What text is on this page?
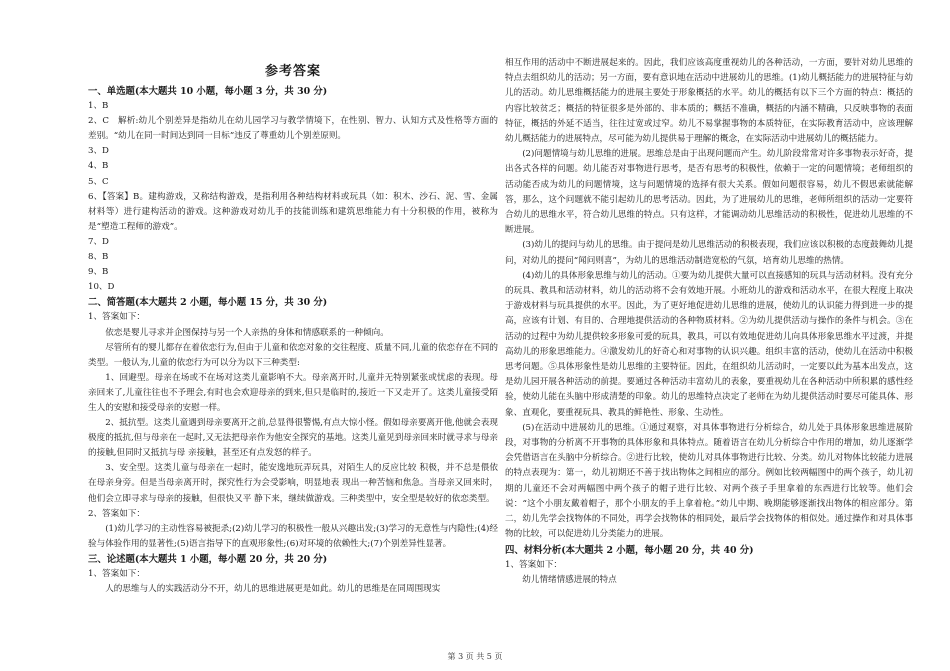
参考答案

一、单选题(本大题共 10 小题，每小题 3 分，共 30 分)

1、B

2、C　解析:幼儿个别差异是指幼儿在幼儿园学习与教学情境下，在性别、智力、认知方式及性格等方面的差别。“幼儿在同一时间达到同一目标”违反了尊重幼儿个别差原则。

3、D

4、B

5、C

6、【答案】B。建构游戏，又称结构游戏，是指利用各种结构材料或玩具（如：积木、沙石、泥、雪、金属材料等）进行建构活动的游戏。这种游戏对幼儿手的技能训练和建筑思维能力有十分积极的作用，被称为是“塑造工程师的游戏”。

7、D

8、B

9、B

10、D

二、简答题(本大题共 2 小题，每小题 15 分，共 30 分)

1、答案如下：

依恋是婴儿寻求并企图保持与另一个人亲热的身体和情感联系的一种倾向。

尽管所有的婴儿都存在着依恋行为,但由于儿童和依恋对象的交往程度、质量不同,儿童的依恋存在不同的类型。一般认为,儿童的依恋行为可以分为以下三种类型:

1、回避型。母亲在场或不在场对这类儿童影响不大。母亲离开时,儿童并无特别紧张或忧虑的表现。母亲回来了,儿童往往也不予理会,有时也会欢迎母亲的到来,但只是临时的,接近一下又走开了。这类儿童接受陌生人的安慰和接受母亲的安慰一样。

2、抵抗型。这类儿童遇到母亲要离开之前,总显得很警惕,有点大惊小怪。假如母亲要离开他,他就会表现极度的抵抗,但与母亲在一起时,又无法把母亲作为他安全探究的基地。这类儿童见到母亲回来时就寻求与母亲的接触,但同时又抵抗与母 亲接触，甚至还有点发怒的样子。

3、安全型。这类儿童与母亲在一起时，能安逸地玩弄玩具，对陌生人的反应比较 积极，并不总是偎依在母亲身旁。但是当母亲离开时，探究性行为会受影响，明显地表 现出一种苦恼和焦急。当母亲又回来时，他们会立即寻求与母亲的接触，但很快又平 静下来，继续做游戏。三种类型中，安全型是较好的依恋类型。

2、答案如下：

(1)幼儿学习的主动性容易被扼杀;(2)幼儿学习的积极性一般从兴趣出发;(3)学习的无意性与内隐性;(4)经验与体验作用的显著性;(5)语言指导下的直观形象性;(6)对环境的依赖性大;(7)个别差异性显著。

三、论述题(本大题共 1 小题，每小题 20 分，共 20 分)

1、答案如下：

人的思维与人的实践活动分不开，幼儿的思维进展更是如此。幼儿的思维是在同周围现实

相互作用的活动中不断进展起来的。因此，我们应该高度重视幼儿的各种活动，一方面，要针对幼儿思维的特点去组织幼儿的活动；另一方面，要有意识地在活动中进展幼儿的思维。(1)幼儿概括能力的进展特征与幼儿的活动。幼儿思维概括能力的进展主要处于形象概括的水平。幼儿的概括有以下三个方面的特点：概括的内容比较贫乏；概括的特征很多是外部的、非本质的；概括不准确，概括的内涵不精确，只反映事物的表面特征，概括的外延不适当，往往过宽或过窄。幼儿不易掌握事物的本质特征，在实际教育活动中，应该理解幼儿概括能力的进展特点，尽可能为幼儿提供易于理解的概念，在实际活动中进展幼儿的概括能力。

(2)问题情境与幼儿思维的进展。思维总是由于出现问题而产生。幼儿阶段常常对许多事物表示好奇，提出各式各样的问题。幼儿能否对事物进行思考，是否有思考的积极性，依赖于一定的问题情境；老师组织的活动能否成为幼儿的问题情境，这与问题情境的选择有很大关系。假如问题很容易，幼儿不假思索就能解答，那么，这个问题就不能引起幼儿的思考活动。因此，为了进展幼儿的思维，老师所组织的活动一定要符合幼儿的思维水平，符合幼儿思维的特点。只有这样，才能调动幼儿思维活动的积极性，促进幼儿思维的不断进展。

(3)幼儿的提问与幼儿的思维。由于提问是幼儿思维活动的积极表现，我们应该以积极的态度鼓舞幼儿提问，对幼儿的提问“闻问则喜”，为幼儿的思维活动制造宽松的气氛，培育幼儿思维的热情。

(4)幼儿的具体形象思维与幼儿的活动。①要为幼儿提供大量可以直接感知的玩具与活动材料。没有充分的玩具、教具和活动材料，幼儿的活动将不会有效地开展。小班幼儿的游戏和活动水平，在很大程度上取决于游戏材料与玩具提供的水平。因此，为了更好地促进幼儿思维的进展，使幼儿的认识能力得到进一步的提高，应该有计划、有目的、合理地提供活动的各种物质材料。②为幼儿提供活动与操作的条件与机会。③在活动的过程中为幼儿提供较多形象可爱的玩具，教具，可以有效地促进幼儿向具体形象思维水平过渡，并提高幼儿的形象思维能力。④激发幼儿的好奇心和对事物的认识兴趣。组织丰富的活动，使幼儿在活动中积极思考问题。⑤具体形象性是幼儿思维的主要特征。因此，在组织幼儿活动时，一定要以此为基本出发点，这是幼儿园开展各种活动的前提。要通过各种活动丰富幼儿的表象，要重视幼儿在各种活动中所积累的感性经验，使幼儿能在头脑中形成清楚的印象。幼儿的思维特点决定了老师在为幼儿提供活动时要尽可能具体、形象、直观化，要重视玩具、教具的鲜艳性、形象、生动性。

(5)在活动中进展幼儿的思维。①通过观察，对具体事物进行分析综合，幼儿处于具体形象思维进展阶段，对事物的分析离不开事物的具体形象和具体特点。随着语言在幼儿分析综合中作用的增加，幼儿逐渐学会凭借语言在头脑中分析综合。②进行比较，使幼儿对具体事物进行比较、分类。幼儿对物体比较能力进展的特点表现为：第一，幼儿初期还不善于找出物体之间相应的部分。例如比较两幅图中的两个孩子，幼儿初期的儿童还不会对两幅图中两个孩子的帽子进行比较、对两个孩子手里拿着的东西进行比较等。他们会说：“这个小朋友戴着帽子，那个小朋友的手上拿着枪。”幼儿中期、晚期能够逐渐找出物体的相应部分。第二，幼儿先学会找物体的不同处，再学会找物体的相同处，最后学会找物体的相似处。通过操作和对具体事物的比较，可以促进幼儿分类能力的进展。

四、材料分析(本大题共 2 小题，每小题 20 分，共 40 分)

1、答案如下：

幼儿情绪情感进展的特点

第 3 页 共 5 页
